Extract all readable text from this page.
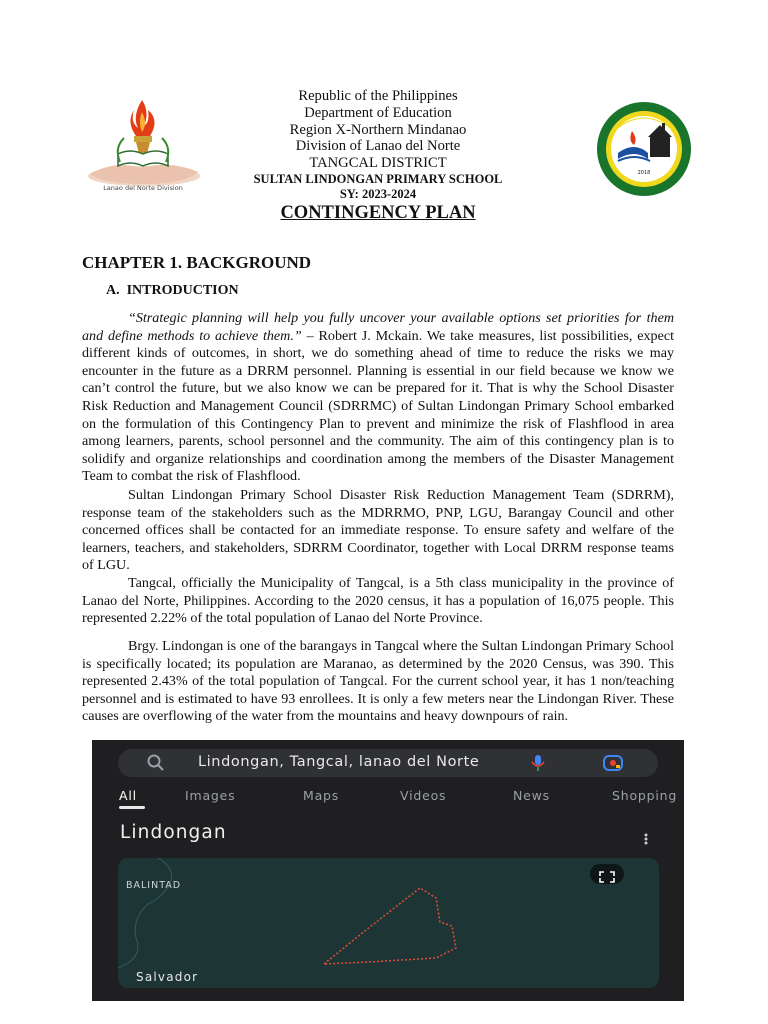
Lanao del Norte Division
2018
Republic of the Philippines
Department of Education
Region X-Northern Mindanao
Division of Lanao del Norte
TANGCAL DISTRICT
SULTAN LINDONGAN PRIMARY SCHOOL
SY: 2023-2024
CONTINGENCY PLAN
CHAPTER 1. BACKGROUND
A.  INTRODUCTION

“Strategic planning will help you fully uncover your available options set priorities for them and define methods to achieve them.” – Robert J. Mckain. We take measures, list possibilities, expect different kinds of outcomes, in short, we do something ahead of time to reduce the risks we may encounter in the future as a DRRM personnel. Planning is essential in our field because we know we can’t control the future, but we also know we can be prepared for it. That is why the School Disaster Risk Reduction and Management Council (SDRRMC) of Sultan Lindongan Primary School embarked on the formulation of this Contingency Plan to prevent and minimize the risk of Flashflood in area among learners, parents, school personnel and the community. The aim of this contingency plan is to solidify and organize relationships and coordination among the members of the Disaster Management Team to combat the risk of Flashflood.

Sultan Lindongan Primary School Disaster Risk Reduction Management Team (SDRRM), response team of the stakeholders such as the MDRRMO, PNP, LGU, Barangay Council and other concerned offices shall be contacted for an immediate response. To ensure safety and welfare of the learners, teachers, and stakeholders, SDRRM Coordinator, together with Local DRRM response teams of LGU.

Tangcal, officially the Municipality of Tangcal, is a 5th class municipality in the province of Lanao del Norte, Philippines. According to the 2020 census, it has a population of 16,075 people. This represented 2.22% of the total population of Lanao del Norte Province.

Brgy. Lindongan is one of the barangays in Tangcal where the Sultan Lindongan Primary School is specifically located; its population are Maranao, as determined by the 2020 Census, was 390. This represented 2.43% of the total population of Tangcal. For the current school year, it has 1 non/teaching personnel and is estimated to have 93 enrollees. It is only a few meters near the Lindongan River. These causes are overflowing of the water from the mountains and heavy downpours of rain.

Lindongan, Tangcal, lanao del Norte
All	Images	Maps	Videos	News	Shopping
Lindongan
BALINTAD
Salvador
